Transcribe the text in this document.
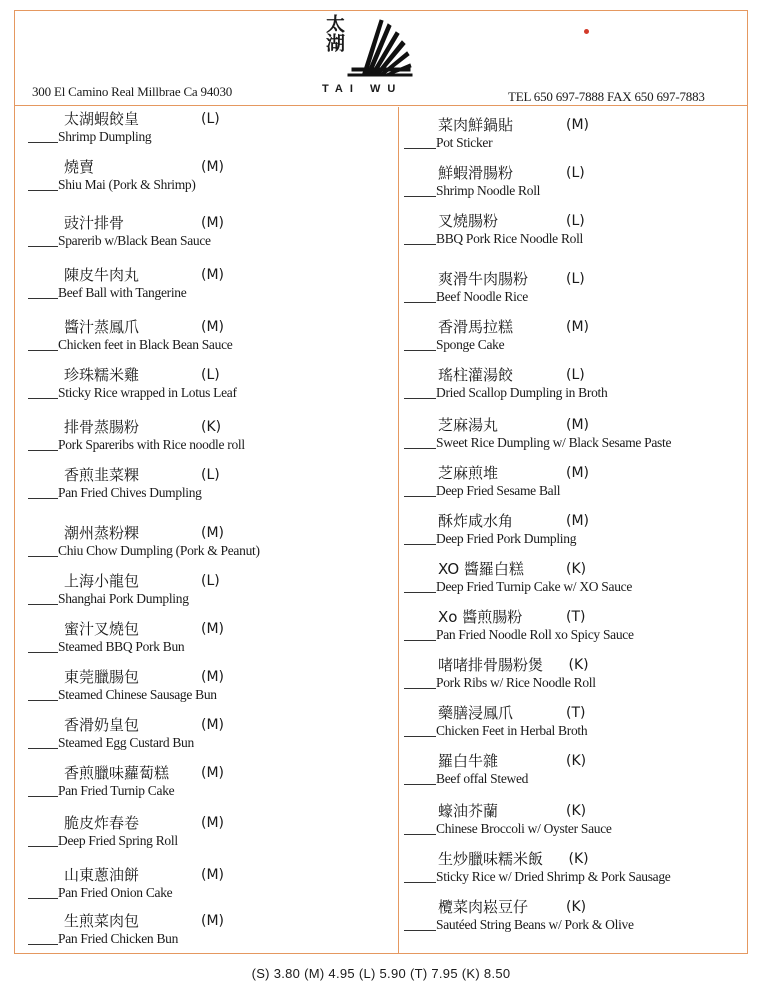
太湖
TAI WU
300 El Camino Real Millbrae Ca 94030	TEL 650 697-7888 FAX 650 697-7883
太湖蝦餃皇	(L)
Shrimp Dumpling
燒賣	(M)
Shiu Mai (Pork & Shrimp)
豉汁排骨	(M)
Sparerib w/Black Bean Sauce
陳皮牛肉丸	(M)
Beef Ball with Tangerine
醬汁蒸鳳爪	(M)
Chicken feet in Black Bean Sauce
珍珠糯米雞	(L)
Sticky Rice wrapped in Lotus Leaf
排骨蒸腸粉	(K)
Pork Spareribs with Rice noodle roll
香煎韭菜粿	(L)
Pan Fried Chives Dumpling
潮州蒸粉粿	(M)
Chiu Chow Dumpling (Pork & Peanut)
上海小龍包	(L)
Shanghai Pork Dumpling
蜜汁叉燒包	(M)
Steamed BBQ Pork Bun
東莞臘腸包	(M)
Steamed Chinese Sausage Bun
香滑奶皇包	(M)
Steamed Egg Custard Bun
香煎臘味蘿蔔糕 (M)
Pan Fried Turnip Cake
脆皮炸春卷	(M)
Deep Fried Spring Roll
山東蔥油餅	(M)
Pan Fried Onion Cake
生煎菜肉包	(M)
Pan Fried Chicken Bun
菜肉鮮鍋貼	(M)
Pot Sticker
鮮蝦滑腸粉	(L)
Shrimp Noodle Roll
叉燒腸粉	(L)
BBQ Pork Rice Noodle Roll
爽滑牛肉腸粉	(L)
Beef Noodle Rice
香滑馬拉糕	(M)
Sponge Cake
瑤柱灌湯餃	(L)
Dried Scallop Dumpling in Broth
芝麻湯丸	(M)
Sweet Rice Dumpling w/ Black Sesame Paste
芝麻煎堆	(M)
Deep Fried Sesame Ball
酥炸咸水角	(M)
Deep Fried Pork Dumpling
XO 醬羅白糕	(K)
Deep Fried Turnip Cake w/ XO Sauce
Xo 醬煎腸粉	(T)
Pan Fried Noodle Roll xo Spicy Sauce
啫啫排骨腸粉煲 (K)
Pork Ribs w/ Rice Noodle Roll
藥膳浸鳳爪	(T)
Chicken Feet in Herbal Broth
羅白牛雜	(K)
Beef offal Stewed
蠔油芥蘭	(K)
Chinese Broccoli w/ Oyster Sauce
生炒臘味糯米飯 (K)
Sticky Rice w/ Dried Shrimp & Pork Sausage
欖菜肉崧豆仔	(K)
Sautéed String Beans w/ Pork & Olive
(S) 3.80 (M) 4.95 (L) 5.90 (T) 7.95 (K) 8.50
